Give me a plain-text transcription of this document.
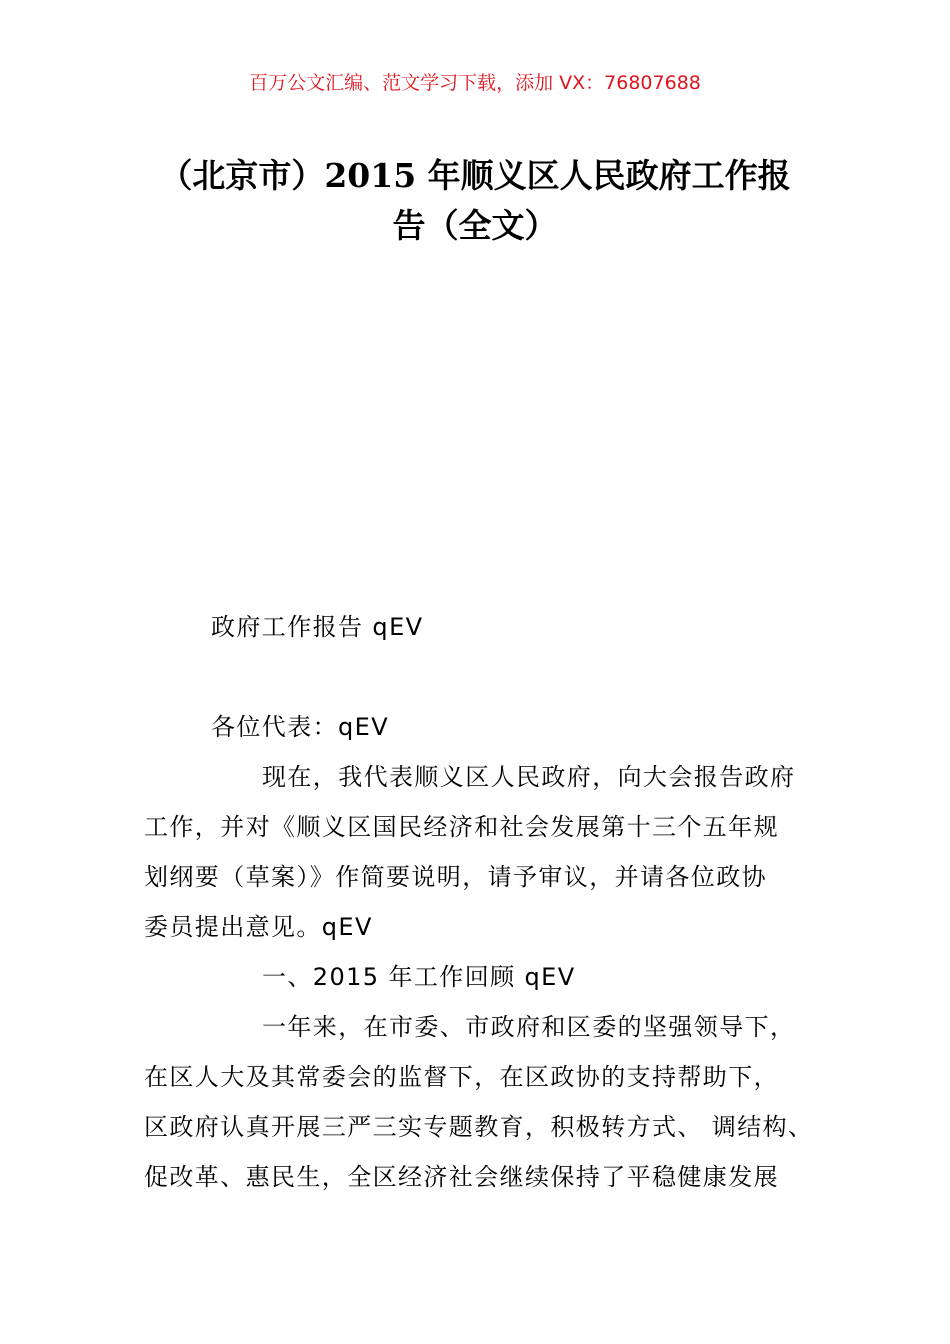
百万公文汇编、范文学习下载，添加 VX：76807688
（北京市）2015 年顺义区人民政府工作报
告（全文）
政府工作报告 qEV
各位代表：qEV
现在，我代表顺义区人民政府，向大会报告政府
工作，并对《顺义区国民经济和社会发展第十三个五年规
划纲要（草案）》作简要说明，请予审议，并请各位政协
委员提出意见。qEV
一、2015 年工作回顾 qEV
一年来，在市委、市政府和区委的坚强领导下，
在区人大及其常委会的监督下，在区政协的支持帮助下，
区政府认真开展三严三实专题教育，积极转方式、 调结构、
促改革、惠民生，全区经济社会继续保持了平稳健康发展
